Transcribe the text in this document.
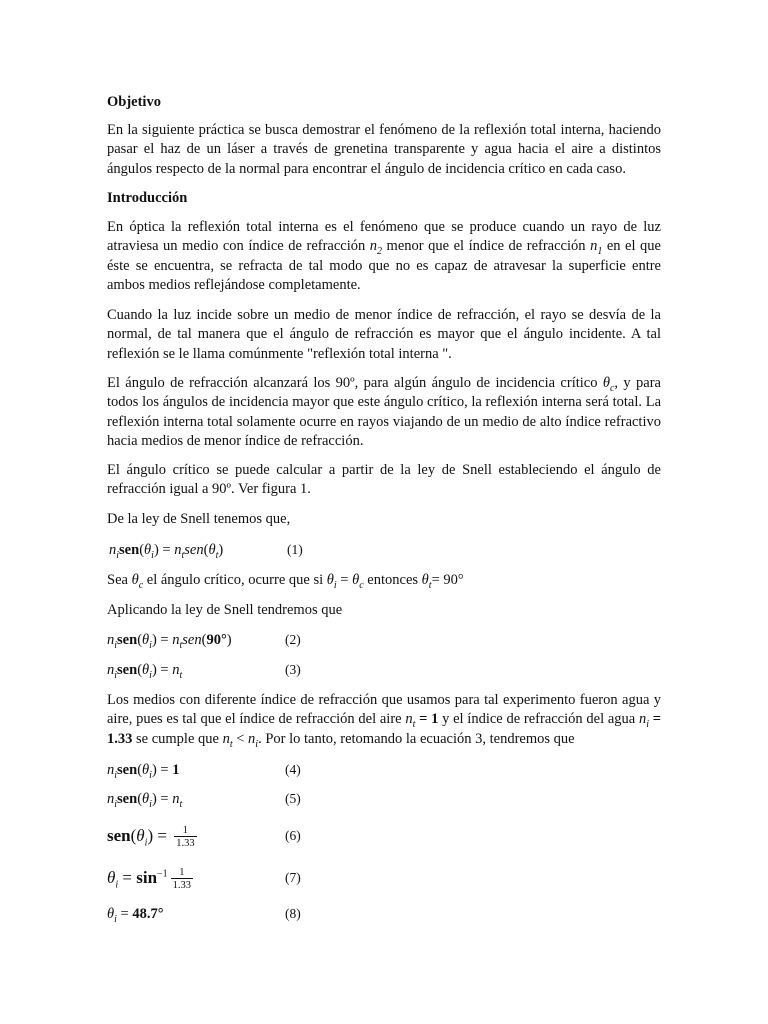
Objetivo
En la siguiente práctica se busca demostrar el fenómeno de la reflexión total interna, haciendo pasar el haz de un láser a través de grenetina transparente y agua hacia el aire a distintos ángulos respecto de la normal para encontrar el ángulo de incidencia crítico en cada caso.
Introducción
En óptica la reflexión total interna es el fenómeno que se produce cuando un rayo de luz atraviesa un medio con índice de refracción $n_2$ menor que el índice de refracción $n_1$ en el que éste se encuentra, se refracta de tal modo que no es capaz de atravesar la superficie entre ambos medios reflejándose completamente.
Cuando la luz incide sobre un medio de menor índice de refracción, el rayo se desvía de la normal, de tal manera que el ángulo de refracción es mayor que el ángulo incidente. A tal reflexión se le llama comúnmente "reflexión total interna ".
El ángulo de refracción alcanzará los 90º, para algún ángulo de incidencia crítico $\theta_c$, y para todos los ángulos de incidencia mayor que este ángulo crítico, la reflexión interna será total. La reflexión interna total solamente ocurre en rayos viajando de un medio de alto índice refractivo hacia medios de menor índice de refracción.
El ángulo crítico se puede calcular a partir de la ley de Snell estableciendo el ángulo de refracción igual a 90º. Ver figura 1.
De la ley de Snell tenemos que,
$n_isen(\theta_i) = n_tsen(\theta_t)$	(1)
Sea $\theta_c$ el ángulo crítico, ocurre que si $\theta_i = \theta_c$ entonces $\theta_t= 90^\circ$
Aplicando la ley de Snell tendremos que
$n_isen(\theta_i) = n_tsen(90^\circ)$	(2)
$n_isen(\theta_i) = n_t$	(3)
Los medios con diferente índice de refracción que usamos para tal experimento fueron agua y aire, pues es tal que el índice de refracción del aire $n_t = 1$ y el índice de refracción del agua $n_i = 1.33$ se cumple que $n_t < n_i$. Por lo tanto, retomando la ecuación 3, tendremos que
$n_isen(\theta_i) = 1$	(4)
$n_isen(\theta_i) = n_t$	(5)
$sen(\theta_i) = \frac{1}{1.33}$	(6)
$\theta_i = \sin^{-1} \frac{1}{1.33}$	(7)
$\theta_i = 48.7^\circ$	(8)
